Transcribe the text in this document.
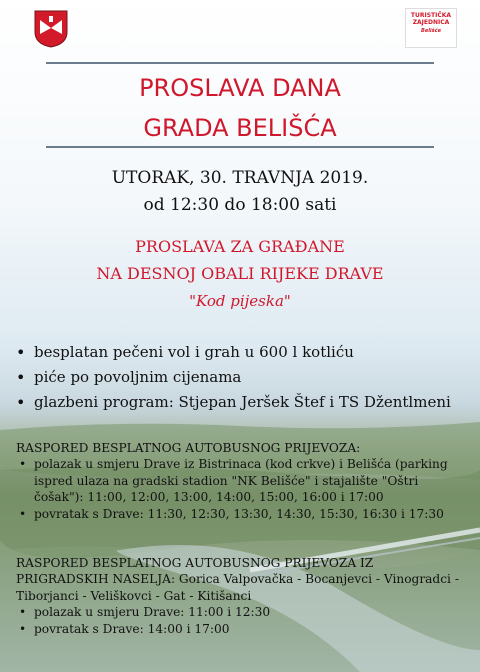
TURISTIČKA
ZAJEDNICA
Belišće
PROSLAVA DANA
GRADA BELIŠĆA
UTORAK, 30. TRAVNJA 2019.
od 12:30 do 18:00 sati
PROSLAVA ZA GRAĐANE
NA DESNOJ OBALI RIJEKE DRAVE
"Kod pijeska"
• besplatan pečeni vol i grah u 600 l kotliću
• piće po povoljnim cijenama
• glazbeni program: Stjepan Jeršek Štef i TS Džentlmeni
RASPORED BESPLATNOG AUTOBUSNOG PRIJEVOZA:
• polazak u smjeru Drave iz Bistrinaca (kod crkve) i Belišća (parking ispred ulaza na gradski stadion "NK Belišće" i stajalište "Oštri čošak"): 11:00, 12:00, 13:00, 14:00, 15:00, 16:00 i 17:00
• povratak s Drave: 11:30, 12:30, 13:30, 14:30, 15:30, 16:30 i 17:30
RASPORED BESPLATNOG AUTOBUSNOG PRIJEVOZA IZ PRIGRADSKIH NASELJA: Gorica Valpovačka - Bocanjevci - Vinogradci - Tiborjanci - Veliškovci - Gat - Kitišanci
• polazak u smjeru Drave: 11:00 i 12:30
• povratak s Drave: 14:00 i 17:00
